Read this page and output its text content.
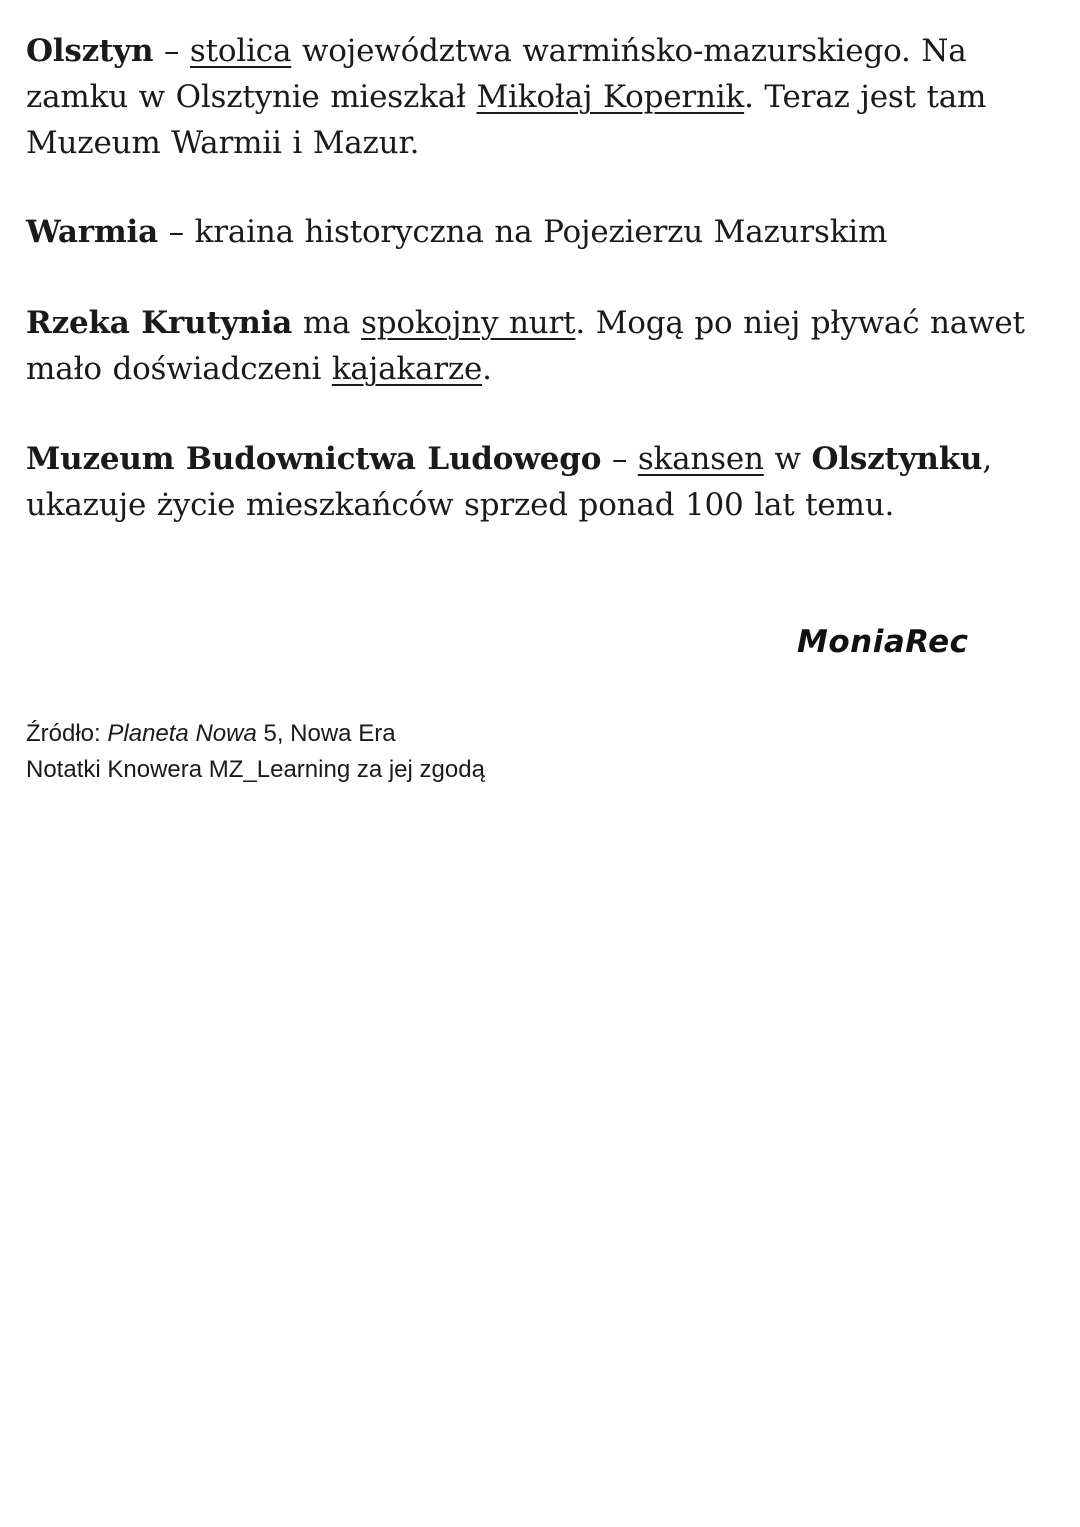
Olsztyn – stolica województwa warmińsko-mazurskiego. Na zamku w Olsztynie mieszkał Mikołaj Kopernik. Teraz jest tam Muzeum Warmii i Mazur.

Warmia – kraina historyczna na Pojezierzu Mazurskim

Rzeka Krutynia ma spokojny nurt. Mogą po niej pływać nawet mało doświadczeni kajakarze.

Muzeum Budownictwa Ludowego – skansen w Olsztynku, ukazuje życie mieszkańców sprzed ponad 100 lat temu.

MoniaRec
Źródło: Planeta Nowa 5, Nowa Era
Notatki Knowera MZ_Learning za jej zgodą
